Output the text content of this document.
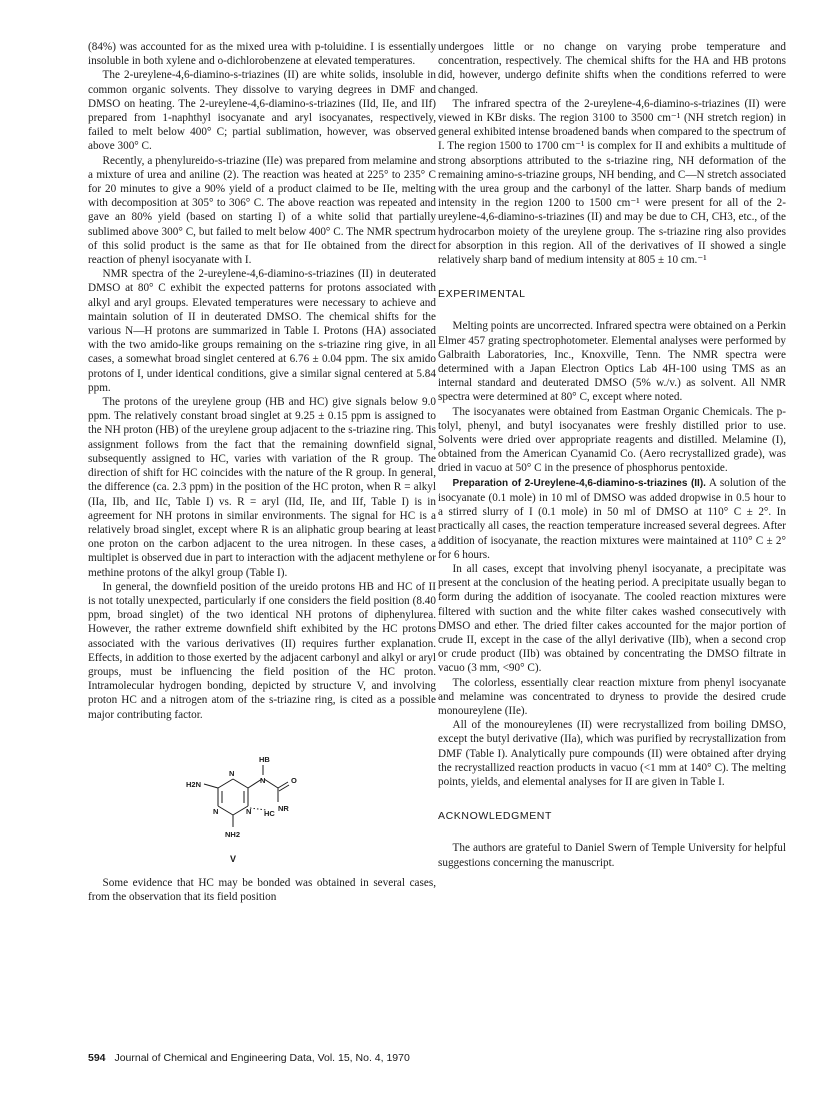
(84%) was accounted for as the mixed urea with p-toluidine. I is essentially insoluble in both xylene and o-dichlorobenzene at elevated temperatures.

The 2-ureylene-4,6-diamino-s-triazines (II) are white solids, insoluble in common organic solvents. They dissolve to varying degrees in DMF and DMSO on heating. The 2-ureylene-4,6-diamino-s-triazines (IId, IIe, and IIf) prepared from 1-naphthyl isocyanate and aryl isocyanates, respectively, failed to melt below 400° C; partial sublimation, however, was observed above 300° C.

Recently, a phenylureido-s-triazine (IIe) was prepared from melamine and a mixture of urea and aniline (2). The reaction was heated at 225° to 235° C for 20 minutes to give a 90% yield of a product claimed to be IIe, melting with decomposition at 305° to 306° C. The above reaction was repeated and gave an 80% yield (based on starting I) of a white solid that partially sublimed above 300° C, but failed to melt below 400° C. The NMR spectrum of this solid product is the same as that for IIe obtained from the direct reaction of phenyl isocyanate with I.

NMR spectra of the 2-ureylene-4,6-diamino-s-triazines (II) in deuterated DMSO at 80° C exhibit the expected patterns for protons associated with alkyl and aryl groups. Elevated temperatures were necessary to achieve and maintain solution of II in deuterated DMSO. The chemical shifts for the various N—H protons are summarized in Table I. Protons (HA) associated with the two amido-like groups remaining on the s-triazine ring give, in all cases, a somewhat broad singlet centered at 6.76 ± 0.04 ppm. The six amido protons of I, under identical conditions, give a similar signal centered at 5.84 ppm.

The protons of the ureylene group (HB and HC) give signals below 9.0 ppm. The relatively constant broad singlet at 9.25 ± 0.15 ppm is assigned to the NH proton (HB) of the ureylene group adjacent to the s-triazine ring. This assignment follows from the fact that the remaining downfield signal, subsequently assigned to HC, varies with variation of the R group. The direction of shift for HC coincides with the nature of the R group. In general, the difference (ca. 2.3 ppm) in the position of the HC proton, when R = alkyl (IIa, IIb, and IIc, Table I) vs. R = aryl (IId, IIe, and IIf, Table I) is in agreement for NH protons in similar environments. The signal for HC is a relatively broad singlet, except where R is an aliphatic group bearing at least one proton on the carbon adjacent to the urea nitrogen. In these cases, a multiplet is observed due in part to interaction with the adjacent methylene or methine protons of the alkyl group (Table I).

In general, the downfield position of the ureido protons HB and HC of II is not totally unexpected, particularly if one considers the field position (8.40 ppm, broad singlet) of the two identical NH protons of diphenylurea. However, the rather extreme downfield shift exhibited by the HC protons associated with the various derivatives (II) requires further explanation. Effects, in addition to those exerted by the adjacent carbonyl and alkyl or aryl groups, must be influencing the field position of the HC proton. Intramolecular hydrogen bonding, depicted by structure V, and involving proton HC and a nitrogen atom of the s-triazine ring, is cited as a possible major contributing factor.

HB
H2N
N
N
N	N
O
NR
HC
NH2
V

Some evidence that HC may be bonded was obtained in several cases, from the observation that its field position

undergoes little or no change on varying probe temperature and concentration, respectively. The chemical shifts for the HA and HB protons did, however, undergo definite shifts when the conditions referred to were changed.

The infrared spectra of the 2-ureylene-4,6-diamino-s-triazines (II) were viewed in KBr disks. The region 3100 to 3500 cm⁻¹ (NH stretch region) in general exhibited intense broadened bands when compared to the spectrum of I. The region 1500 to 1700 cm⁻¹ is complex for II and exhibits a multitude of strong absorptions attributed to the s-triazine ring, NH deformation of the remaining amino-s-triazine groups, NH bending, and C—N stretch associated with the urea group and the carbonyl of the latter. Sharp bands of medium intensity in the region 1200 to 1500 cm⁻¹ were present for all of the 2-ureylene-4,6-diamino-s-triazines (II) and may be due to CH, CH3, etc., of the hydrocarbon moiety of the ureylene group. The s-triazine ring also provides for absorption in this region. All of the derivatives of II showed a single relatively sharp band of medium intensity at 805 ± 10 cm.⁻¹

EXPERIMENTAL

Melting points are uncorrected. Infrared spectra were obtained on a Perkin Elmer 457 grating spectrophotometer. Elemental analyses were performed by Galbraith Laboratories, Inc., Knoxville, Tenn. The NMR spectra were determined with a Japan Electron Optics Lab 4H-100 using TMS as an internal standard and deuterated DMSO (5% w./v.) as solvent. All NMR spectra were determined at 80° C, except where noted.

The isocyanates were obtained from Eastman Organic Chemicals. The p-tolyl, phenyl, and butyl isocyanates were freshly distilled prior to use. Solvents were dried over appropriate reagents and distilled. Melamine (I), obtained from the American Cyanamid Co. (Aero recrystallized grade), was dried in vacuo at 50° C in the presence of phosphorus pentoxide.

Preparation of 2-Ureylene-4,6-diamino-s-triazines (II). A solution of the isocyanate (0.1 mole) in 10 ml of DMSO was added dropwise in 0.5 hour to a stirred slurry of I (0.1 mole) in 50 ml of DMSO at 110° C ± 2°. In practically all cases, the reaction temperature increased several degrees. After addition of isocyanate, the reaction mixtures were maintained at 110° C ± 2° for 6 hours.

In all cases, except that involving phenyl isocyanate, a precipitate was present at the conclusion of the heating period. A precipitate usually began to form during the addition of isocyanate. The cooled reaction mixtures were filtered with suction and the white filter cakes washed consecutively with DMSO and ether. The dried filter cakes accounted for the major portion of crude II, except in the case of the allyl derivative (IIb), when a second crop or crude product (IIb) was obtained by concentrating the DMSO filtrate in vacuo (3 mm, <90° C).

The colorless, essentially clear reaction mixture from phenyl isocyanate and melamine was concentrated to dryness to provide the desired crude monoureylene (IIe).

All of the monoureylenes (II) were recrystallized from boiling DMSO, except the butyl derivative (IIa), which was purified by recrystallization from DMF (Table I). Analytically pure compounds (II) were obtained after drying the recrystallized reaction products in vacuo (<1 mm at 140° C). The melting points, yields, and elemental analyses for II are given in Table I.

ACKNOWLEDGMENT

The authors are grateful to Daniel Swern of Temple University for helpful suggestions concerning the manuscript.

594 Journal of Chemical and Engineering Data, Vol. 15, No. 4, 1970
